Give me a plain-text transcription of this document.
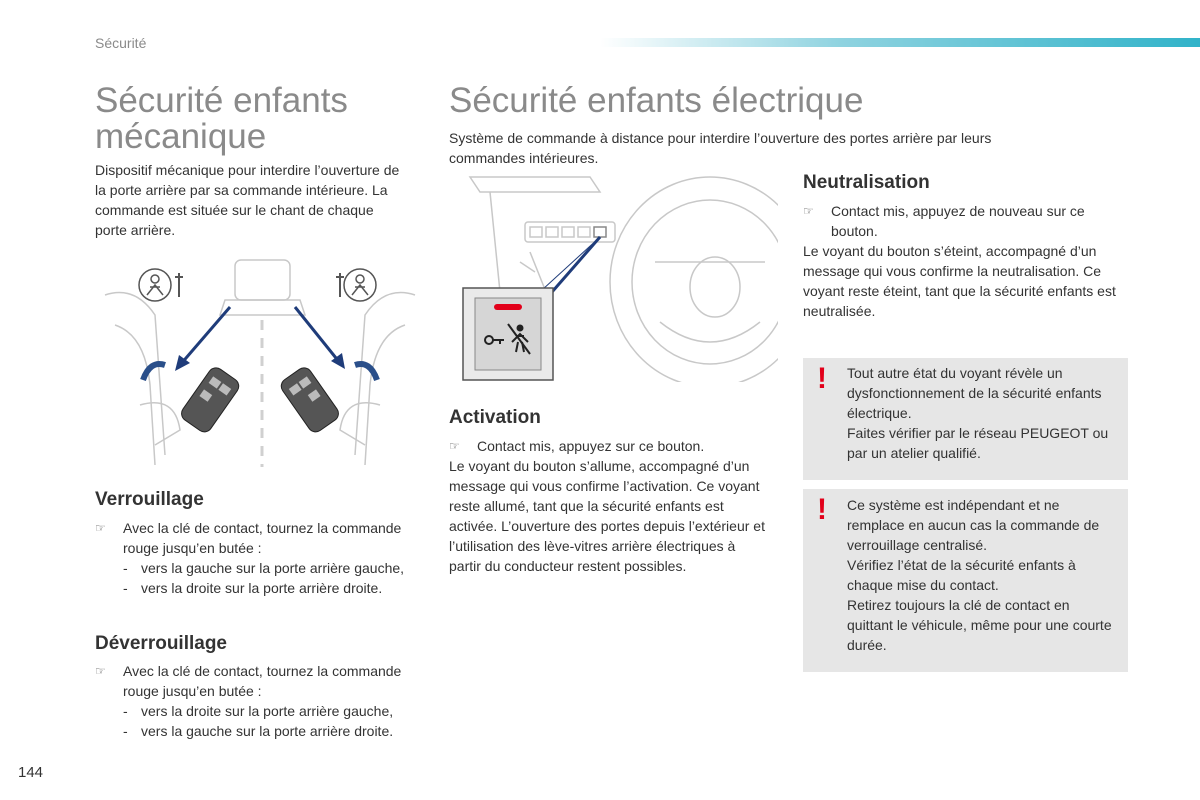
Sécurité
Sécurité enfants mécanique

Dispositif mécanique pour interdire l’ouverture de la porte arrière par sa commande intérieure. La commande est située sur le chant de chaque porte arrière.

Verrouillage
☞ Avec la clé de contact, tournez la commande rouge jusqu’en butée :
- vers la gauche sur la porte arrière gauche,
- vers la droite sur la porte arrière droite.
Déverrouillage
☞ Avec la clé de contact, tournez la commande rouge jusqu’en butée :
- vers la droite sur la porte arrière gauche,
- vers la gauche sur la porte arrière droite.
Sécurité enfants électrique

Système de commande à distance pour interdire l’ouverture des portes arrière par leurs commandes intérieures.

Activation
☞ Contact mis, appuyez sur ce bouton.

Le voyant du bouton s’allume, accompagné d’un message qui vous confirme l’activation. Ce voyant reste allumé, tant que la sécurité enfants est activée. L’ouverture des portes depuis l’extérieur et l’utilisation des lève-vitres arrière électriques à partir du conducteur restent possibles.

Neutralisation
☞ Contact mis, appuyez de nouveau sur ce bouton.

Le voyant du bouton s’éteint, accompagné d’un message qui vous confirme la neutralisation. Ce voyant reste éteint, tant que la sécurité enfants est neutralisée.

! Tout autre état du voyant révèle un dysfonctionnement de la sécurité enfants électrique.
Faites vérifier par le réseau PEUGEOT ou par un atelier qualifié.
! Ce système est indépendant et ne remplace en aucun cas la commande de verrouillage centralisé.
Vérifiez l’état de la sécurité enfants à chaque mise du contact.
Retirez toujours la clé de contact en quittant le véhicule, même pour une courte durée.
144
